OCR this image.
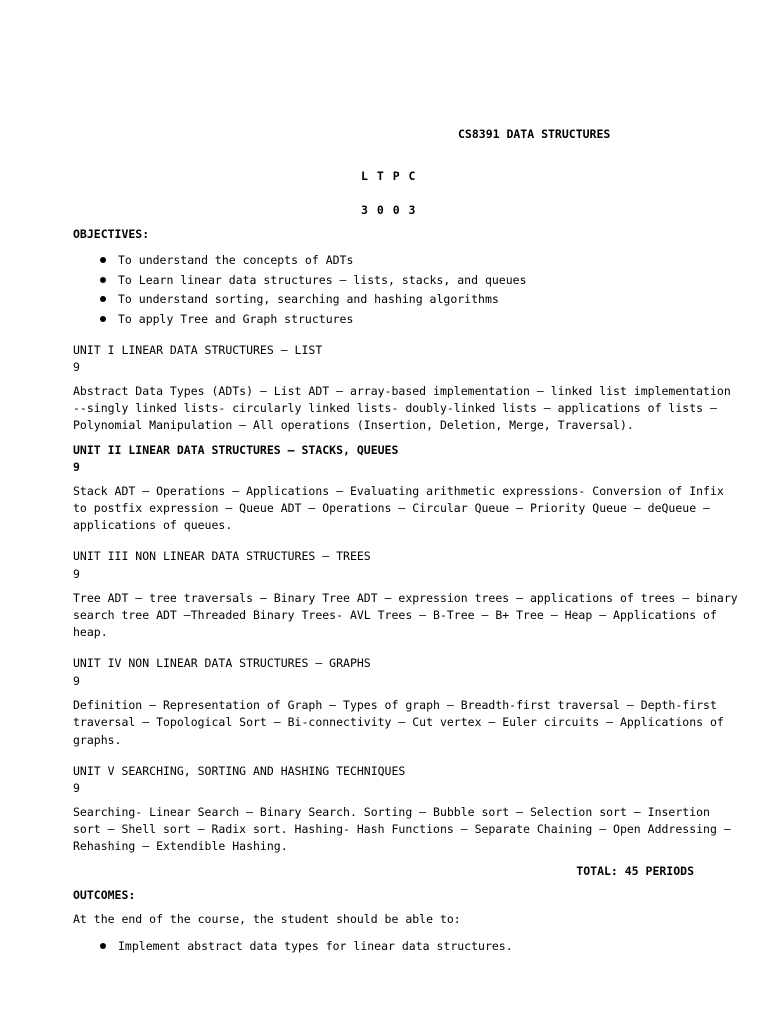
CS8391 DATA STRUCTURES
L T P C
3 0 0 3
OBJECTIVES:
To understand the concepts of ADTs
To Learn linear data structures – lists, stacks, and queues
To understand sorting, searching and hashing algorithms
To apply Tree and Graph structures
UNIT I LINEAR DATA STRUCTURES – LIST
9
Abstract Data Types (ADTs) – List ADT – array-based implementation – linked list implementation
--singly linked lists- circularly linked lists- doubly-linked lists – applications of lists –
Polynomial Manipulation – All operations (Insertion, Deletion, Merge, Traversal).
UNIT II LINEAR DATA STRUCTURES – STACKS, QUEUES
9
Stack ADT – Operations – Applications – Evaluating arithmetic expressions- Conversion of Infix
to postfix expression – Queue ADT – Operations – Circular Queue – Priority Queue – deQueue –
applications of queues.
UNIT III NON LINEAR DATA STRUCTURES – TREES
9
Tree ADT – tree traversals – Binary Tree ADT – expression trees – applications of trees – binary
search tree ADT –Threaded Binary Trees- AVL Trees – B-Tree – B+ Tree – Heap – Applications of
heap.
UNIT IV NON LINEAR DATA STRUCTURES – GRAPHS
9
Definition – Representation of Graph – Types of graph – Breadth-first traversal – Depth-first
traversal – Topological Sort – Bi-connectivity – Cut vertex – Euler circuits – Applications of
graphs.
UNIT V SEARCHING, SORTING AND HASHING TECHNIQUES
9
Searching- Linear Search – Binary Search. Sorting – Bubble sort – Selection sort – Insertion
sort – Shell sort – Radix sort. Hashing- Hash Functions – Separate Chaining – Open Addressing –
Rehashing – Extendible Hashing.
TOTAL: 45 PERIODS
OUTCOMES:
At the end of the course, the student should be able to:
Implement abstract data types for linear data structures.
